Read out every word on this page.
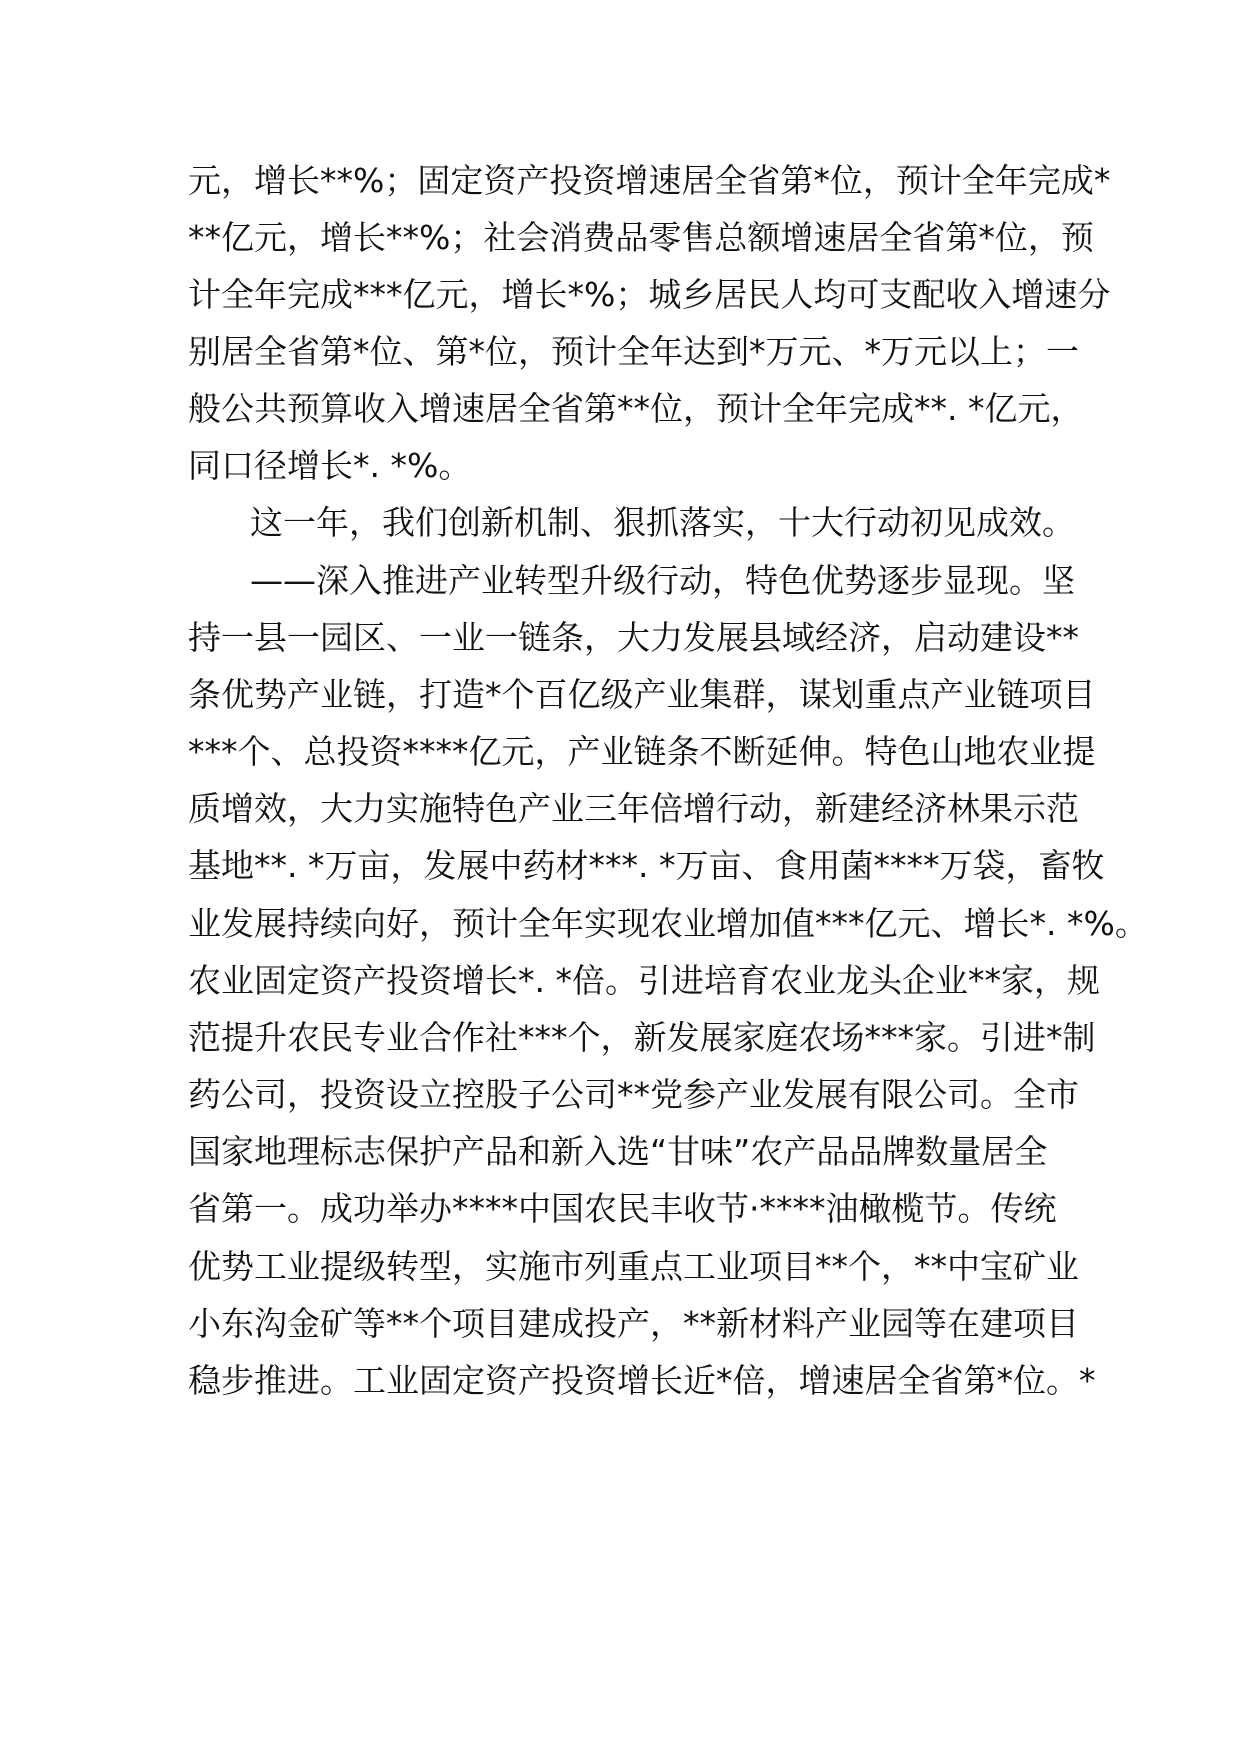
元，增长**%；固定资产投资增速居全省第*位，预计全年完成*
**亿元，增长**%；社会消费品零售总额增速居全省第*位，预
计全年完成***亿元，增长*%；城乡居民人均可支配收入增速分
别居全省第*位、第*位，预计全年达到*万元、*万元以上；一
般公共预算收入增速居全省第**位，预计全年完成**. *亿元，
同口径增长*. *%。
这一年，我们创新机制、狠抓落实，十大行动初见成效。
——深入推进产业转型升级行动，特色优势逐步显现。坚
持一县一园区、一业一链条，大力发展县域经济，启动建设**
条优势产业链，打造*个百亿级产业集群，谋划重点产业链项目
***个、总投资****亿元，产业链条不断延伸。特色山地农业提
质增效，大力实施特色产业三年倍增行动，新建经济林果示范
基地**. *万亩，发展中药材***. *万亩、食用菌****万袋，畜牧
业发展持续向好，预计全年实现农业增加值***亿元、增长*. *%。
农业固定资产投资增长*. *倍。引进培育农业龙头企业**家，规
范提升农民专业合作社***个，新发展家庭农场***家。引进*制
药公司，投资设立控股子公司**党参产业发展有限公司。全市
国家地理标志保护产品和新入选“甘味”农产品品牌数量居全
省第一。成功举办****中国农民丰收节·****油橄榄节。传统
优势工业提级转型，实施市列重点工业项目**个，**中宝矿业
小东沟金矿等**个项目建成投产，**新材料产业园等在建项目
稳步推进。工业固定资产投资增长近*倍，增速居全省第*位。*
